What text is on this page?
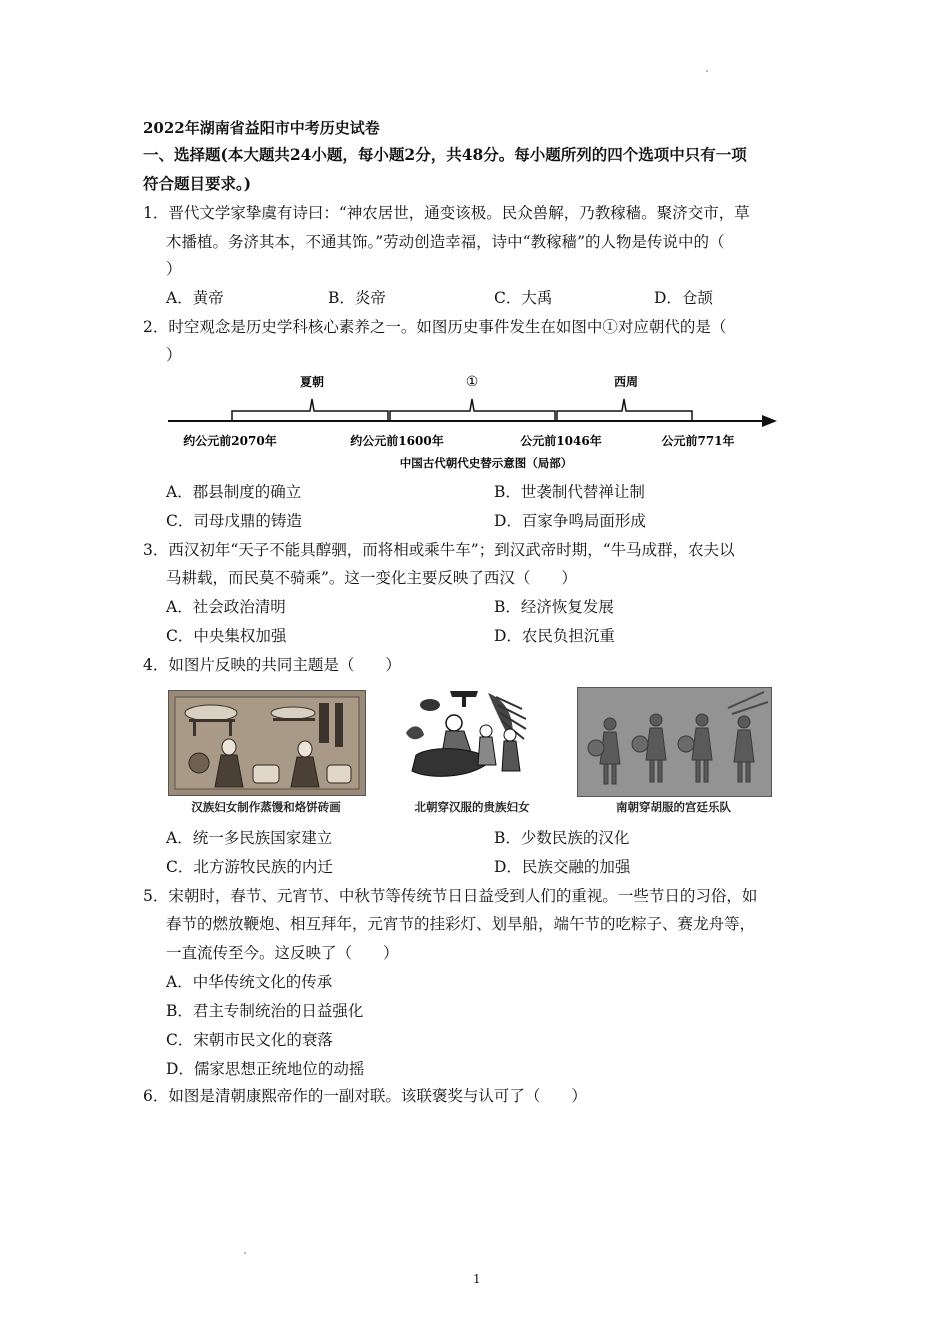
2022年湖南省益阳市中考历史试卷
一、选择题(本大题共24小题，每小题2分，共48分。每小题所列的四个选项中只有一项
符合题目要求。)
1．晋代文学家挚虞有诗曰：“神农居世，通变该极。民众兽解，乃教稼穑。聚济交市，草
木播植。务济其本，不通其饰。”劳动创造幸福，诗中“教稼穑”的人物是传说中的（
）
A．黄帝	B．炎帝	C．大禹	D．仓颉
2．时空观念是历史学科核心素养之一。如图历史事件发生在如图中①对应朝代的是（
）
夏朝	①	西周
约公元前2070年	约公元前1600年	公元前1046年	公元前771年
中国古代朝代史替示意图（局部）
A．郡县制度的确立	B．世袭制代替禅让制
C．司母戊鼎的铸造	D．百家争鸣局面形成
3．西汉初年“天子不能具醇驷，而将相或乘牛车”；到汉武帝时期，“牛马成群，农夫以
马耕载，而民莫不骑乘”。这一变化主要反映了西汉（　　）
A．社会政治清明	B．经济恢复发展
C．中央集权加强	D．农民负担沉重
4．如图片反映的共同主题是（　　）
汉族妇女制作蒸馒和烙饼砖画	北朝穿汉服的贵族妇女	南朝穿胡服的宫廷乐队
A．统一多民族国家建立	B．少数民族的汉化
C．北方游牧民族的内迁	D．民族交融的加强
5．宋朝时，春节、元宵节、中秋节等传统节日日益受到人们的重视。一些节日的习俗，如
春节的燃放鞭炮、相互拜年，元宵节的挂彩灯、划旱船，端午节的吃粽子、赛龙舟等，
一直流传至今。这反映了（　　）
A．中华传统文化的传承
B．君主专制统治的日益强化
C．宋朝市民文化的衰落
D．儒家思想正统地位的动摇
6．如图是清朝康熙帝作的一副对联。该联褒奖与认可了（　　）
1
